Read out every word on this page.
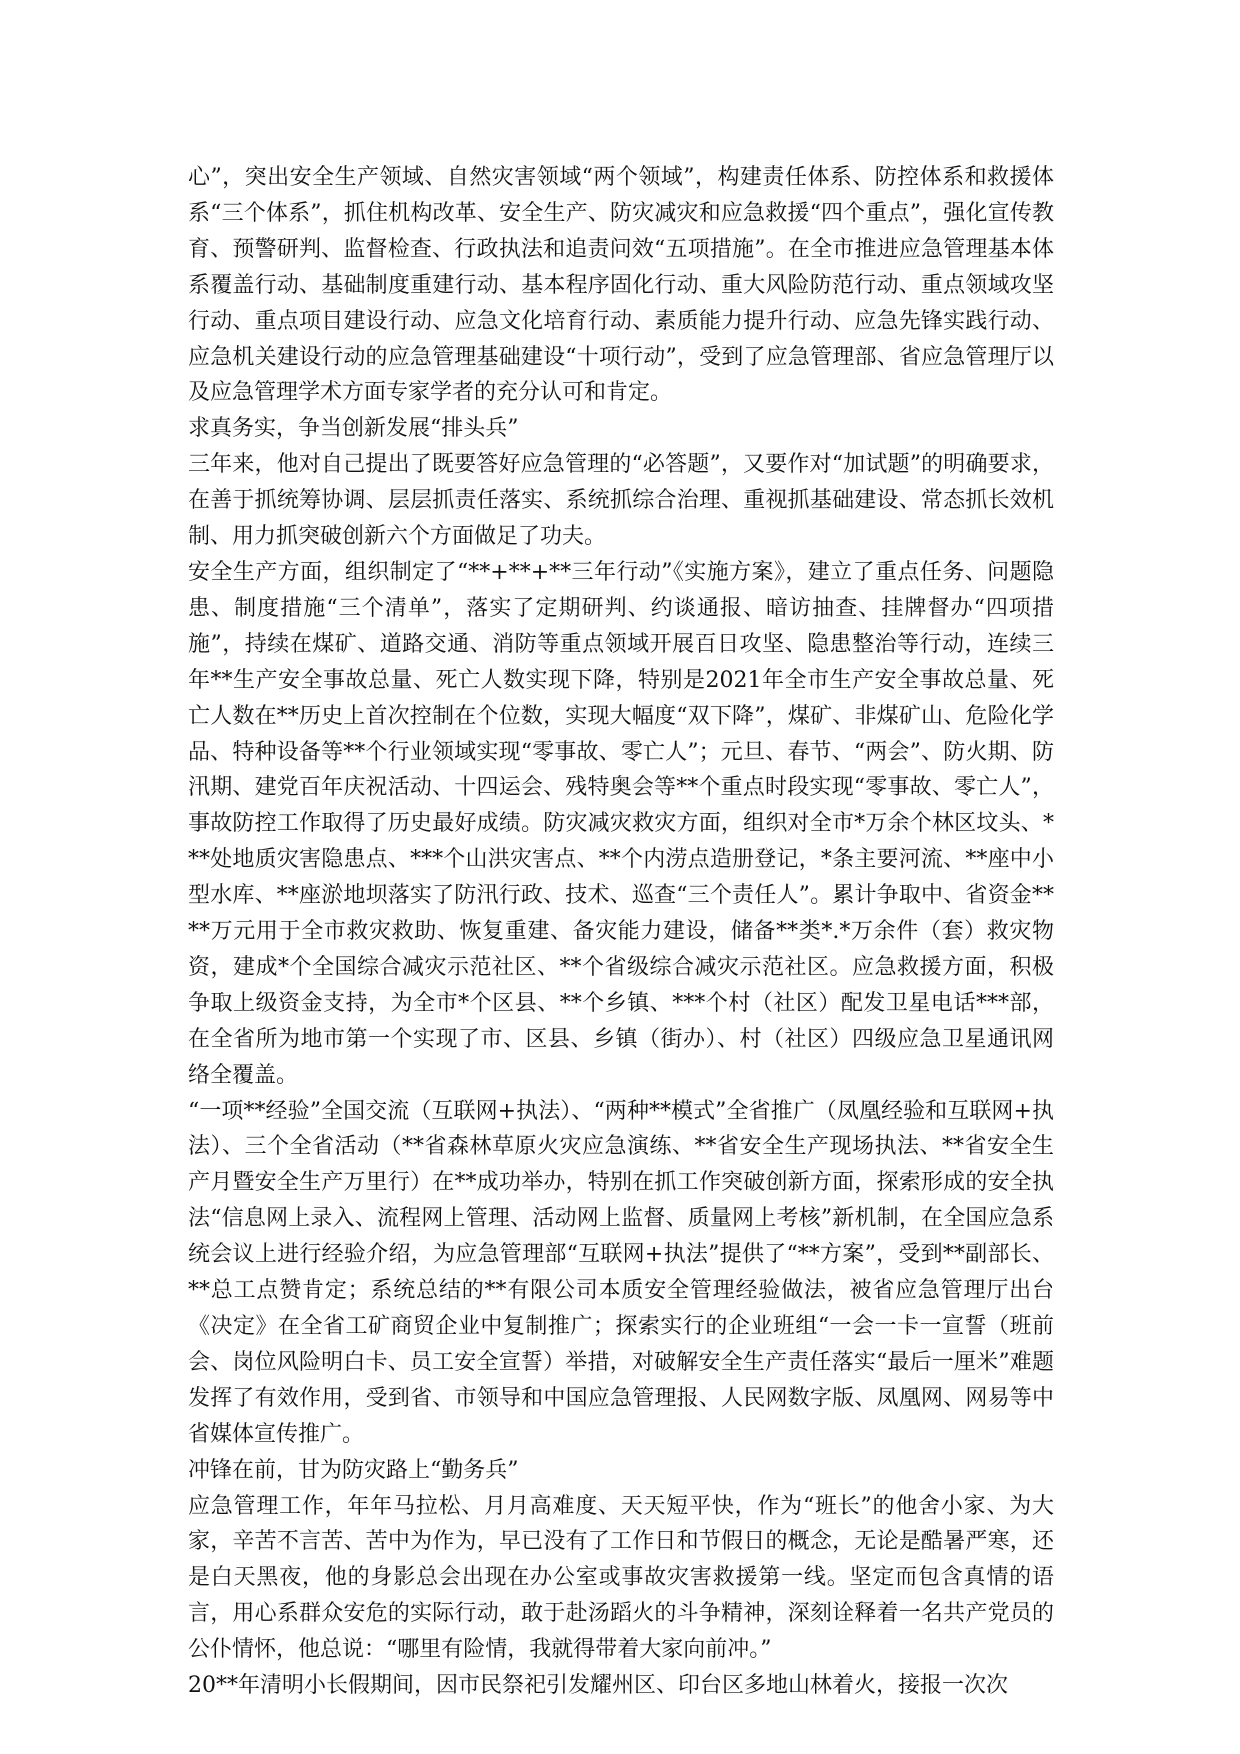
心”，突出安全生产领域、自然灾害领域“两个领域”，构建责任体系、防控体系和救援体系“三个体系”，抓住机构改革、安全生产、防灾减灾和应急救援“四个重点”，强化宣传教育、预警研判、监督检查、行政执法和追责问效“五项措施”。在全市推进应急管理基本体系覆盖行动、基础制度重建行动、基本程序固化行动、重大风险防范行动、重点领域攻坚行动、重点项目建设行动、应急文化培育行动、素质能力提升行动、应急先锋实践行动、应急机关建设行动的应急管理基础建设“十项行动”，受到了应急管理部、省应急管理厅以及应急管理学术方面专家学者的充分认可和肯定。

求真务实，争当创新发展“排头兵”

三年来，他对自己提出了既要答好应急管理的“必答题”，又要作对“加试题”的明确要求，在善于抓统筹协调、层层抓责任落实、系统抓综合治理、重视抓基础建设、常态抓长效机制、用力抓突破创新六个方面做足了功夫。

安全生产方面，组织制定了“**+**+**三年行动”《实施方案》，建立了重点任务、问题隐患、制度措施“三个清单”，落实了定期研判、约谈通报、暗访抽查、挂牌督办“四项措施”，持续在煤矿、道路交通、消防等重点领域开展百日攻坚、隐患整治等行动，连续三年**生产安全事故总量、死亡人数实现下降，特别是2021年全市生产安全事故总量、死亡人数在**历史上首次控制在个位数，实现大幅度“双下降”，煤矿、非煤矿山、危险化学品、特种设备等**个行业领域实现“零事故、零亡人”；元旦、春节、“两会”、防火期、防汛期、建党百年庆祝活动、十四运会、残特奥会等**个重点时段实现“零事故、零亡人”，事故防控工作取得了历史最好成绩。防灾减灾救灾方面，组织对全市*万余个林区坟头、***处地质灾害隐患点、***个山洪灾害点、**个内涝点造册登记，*条主要河流、**座中小型水库、**座淤地坝落实了防汛行政、技术、巡查“三个责任人”。累计争取中、省资金****万元用于全市救灾救助、恢复重建、备灾能力建设，储备**类*.*万余件（套）救灾物资，建成*个全国综合减灾示范社区、**个省级综合减灾示范社区。应急救援方面，积极争取上级资金支持，为全市*个区县、**个乡镇、***个村（社区）配发卫星电话***部，在全省所为地市第一个实现了市、区县、乡镇（街办）、村（社区）四级应急卫星通讯网络全覆盖。

“一项**经验”全国交流（互联网+执法）、“两种**模式”全省推广（凤凰经验和互联网+执法）、三个全省活动（**省森林草原火灾应急演练、**省安全生产现场执法、**省安全生产月暨安全生产万里行）在**成功举办，特别在抓工作突破创新方面，探索形成的安全执法“信息网上录入、流程网上管理、活动网上监督、质量网上考核”新机制，在全国应急系统会议上进行经验介绍，为应急管理部“互联网+执法”提供了“**方案”，受到**副部长、**总工点赞肯定；系统总结的**有限公司本质安全管理经验做法，被省应急管理厅出台《决定》在全省工矿商贸企业中复制推广；探索实行的企业班组“一会一卡一宣誓（班前会、岗位风险明白卡、员工安全宣誓）举措，对破解安全生产责任落实“最后一厘米”难题发挥了有效作用，受到省、市领导和中国应急管理报、人民网数字版、凤凰网、网易等中省媒体宣传推广。

冲锋在前，甘为防灾路上“勤务兵”

应急管理工作，年年马拉松、月月高难度、天天短平快，作为“班长”的他舍小家、为大家，辛苦不言苦、苦中为作为，早已没有了工作日和节假日的概念，无论是酷暑严寒，还是白天黑夜，他的身影总会出现在办公室或事故灾害救援第一线。坚定而包含真情的语言，用心系群众安危的实际行动，敢于赴汤蹈火的斗争精神，深刻诠释着一名共产党员的公仆情怀，他总说：“哪里有险情，我就得带着大家向前冲。”

20**年清明小长假期间，因市民祭祀引发耀州区、印台区多地山林着火，接报一次次
